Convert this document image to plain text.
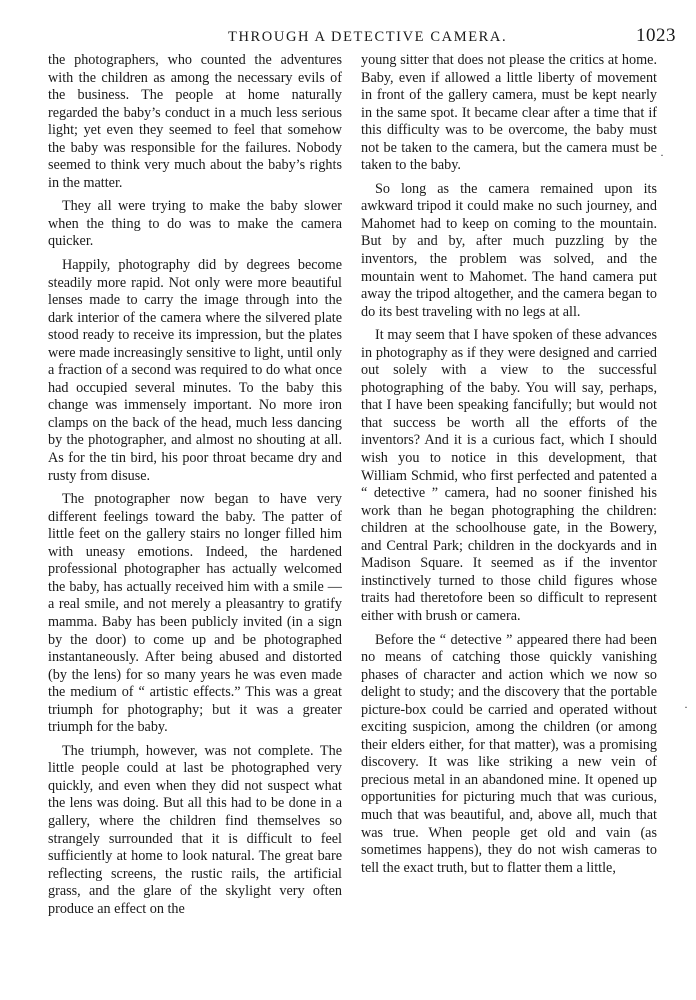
THROUGH A DETECTIVE CAMERA.	1023

the photographers, who counted the adventures with the children as among the necessary evils of the business. The people at home naturally regarded the baby’s conduct in a much less serious light; yet even they seemed to feel that somehow the baby was responsible for the failures. Nobody seemed to think very much about the baby’s rights in the matter.

They all were trying to make the baby slower when the thing to do was to make the camera quicker.

Happily, photography did by degrees become steadily more rapid. Not only were more beautiful lenses made to carry the image through into the dark interior of the camera where the silvered plate stood ready to receive its impression, but the plates were made increasingly sensitive to light, until only a fraction of a second was required to do what once had occupied several minutes. To the baby this change was immensely important. No more iron clamps on the back of the head, much less dancing by the photographer, and almost no shouting at all. As for the tin bird, his poor throat became dry and rusty from disuse.

The pnotographer now began to have very different feelings toward the baby. The patter of little feet on the gallery stairs no longer filled him with uneasy emotions. Indeed, the hardened professional photographer has actually welcomed the baby, has actually received him with a smile — a real smile, and not merely a pleasantry to gratify mamma. Baby has been publicly invited (in a sign by the door) to come up and be photographed instantaneously. After being abused and distorted (by the lens) for so many years he was even made the medium of “ artistic effects.” This was a great triumph for photography; but it was a greater triumph for the baby.

The triumph, however, was not complete. The little people could at last be photographed very quickly, and even when they did not suspect what the lens was doing. But all this had to be done in a gallery, where the children find themselves so strangely surrounded that it is difficult to feel sufficiently at home to look natural. The great bare reflecting screens, the rustic rails, the artificial grass, and the glare of the skylight very often produce an effect on the

young sitter that does not please the critics at home. Baby, even if allowed a little liberty of movement in front of the gallery camera, must be kept nearly in the same spot. It became clear after a time that if this difficulty was to be overcome, the baby must not be taken to the camera, but the camera must be taken to the baby.

So long as the camera remained upon its awkward tripod it could make no such journey, and Mahomet had to keep on coming to the mountain. But by and by, after much puzzling by the inventors, the problem was solved, and the mountain went to Mahomet. The hand camera put away the tripod altogether, and the camera began to do its best traveling with no legs at all.

It may seem that I have spoken of these advances in photography as if they were designed and carried out solely with a view to the successful photographing of the baby. You will say, perhaps, that I have been speaking fancifully; but would not that success be worth all the efforts of the inventors? And it is a curious fact, which I should wish you to notice in this development, that William Schmid, who first perfected and patented a “ detective ” camera, had no sooner finished his work than he began photographing the children: children at the schoolhouse gate, in the Bowery, and Central Park; children in the dockyards and in Madison Square. It seemed as if the inventor instinctively turned to those child figures whose traits had theretofore been so difficult to represent either with brush or camera.

Before the “ detective ” appeared there had been no means of catching those quickly vanishing phases of character and action which we now so delight to study; and the discovery that the portable picture-box could be carried and operated without exciting suspicion, among the children (or among their elders either, for that matter), was a promising discovery. It was like striking a new vein of precious metal in an abandoned mine. It opened up opportunities for picturing much that was curious, much that was beautiful, and, above all, much that was true. When people get old and vain (as sometimes happens), they do not wish cameras to tell the exact truth, but to flatter them a little,

·
·
